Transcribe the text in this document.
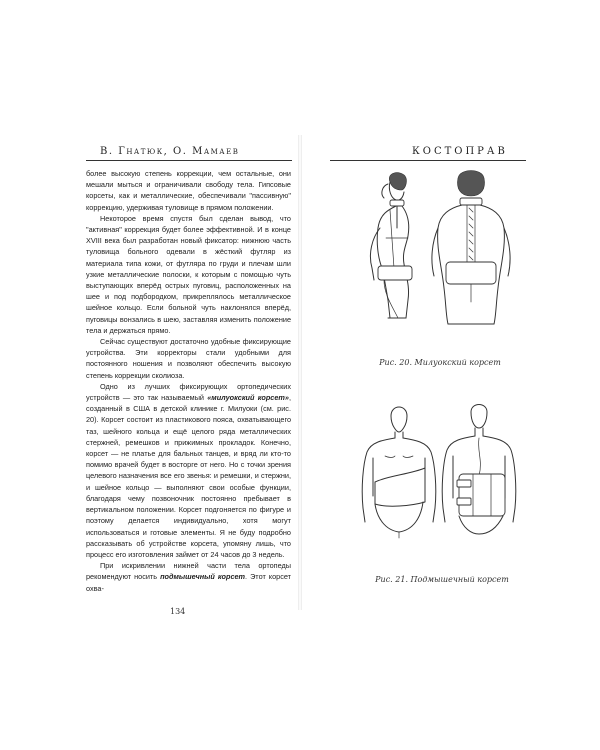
В. Гнатюк, О. Мамаев	КОСТОПРАВ

более высокую степень коррекции, чем остальные, они мешали мыться и ограничивали свободу тела. Гипсовые корсеты, как и металлические, обеспечивали "пассивную" коррекцию, удерживая туловище в прямом положении.

Некоторое время спустя был сделан вывод, что "активная" коррекция будет более эффективной. И в конце XVIII века был разработан новый фиксатор: нижнюю часть туловища больного одевали в жёсткий футляр из материала типа кожи, от футляра по груди и плечам шли узкие металлические полоски, к которым с помощью чуть выступающих вперёд острых пуговиц, расположенных на шее и под подбородком, прикреплялось металлическое шейное кольцо. Если больной чуть наклонялся вперёд, пуговицы вонзались в шею, заставляя изменить положение тела и держаться прямо.

Сейчас существуют достаточно удобные фиксирующие устройства. Эти корректоры стали удобными для постоянного ношения и позволяют обеспечить высокую степень коррекции сколиоза.

Одно из лучших фиксирующих ортопедических устройств — это так называемый «милуокский корсет», созданный в США в детской клинике г. Милуоки (см. рис. 20). Корсет состоит из пластикового пояса, охватывающего таз, шейного кольца и ещё целого ряда металлических стержней, ремешков и прижимных прокладок. Конечно, корсет — не платье для бальных танцев, и вряд ли кто-то помимо врачей будет в восторге от него. Но с точки зрения целевого назначения все его звенья: и ремешки, и стержни, и шейное кольцо — выполняют свои особые функции, благодаря чему позвоночник постоянно пребывает в вертикальном положении. Корсет подгоняется по фигуре и поэтому делается индивидуально, хотя могут использоваться и готовые элементы. Я не буду подробно рассказывать об устройстве корсета, упомяну лишь, что процесс его изготовления займет от 24 часов до 3 недель.

При искривлении нижней части тела ортопеды рекомендуют носить подмышечный корсет. Этот корсет охва-

134
Рис. 20. Милуокский корсет
Рис. 21. Подмышечный корсет
